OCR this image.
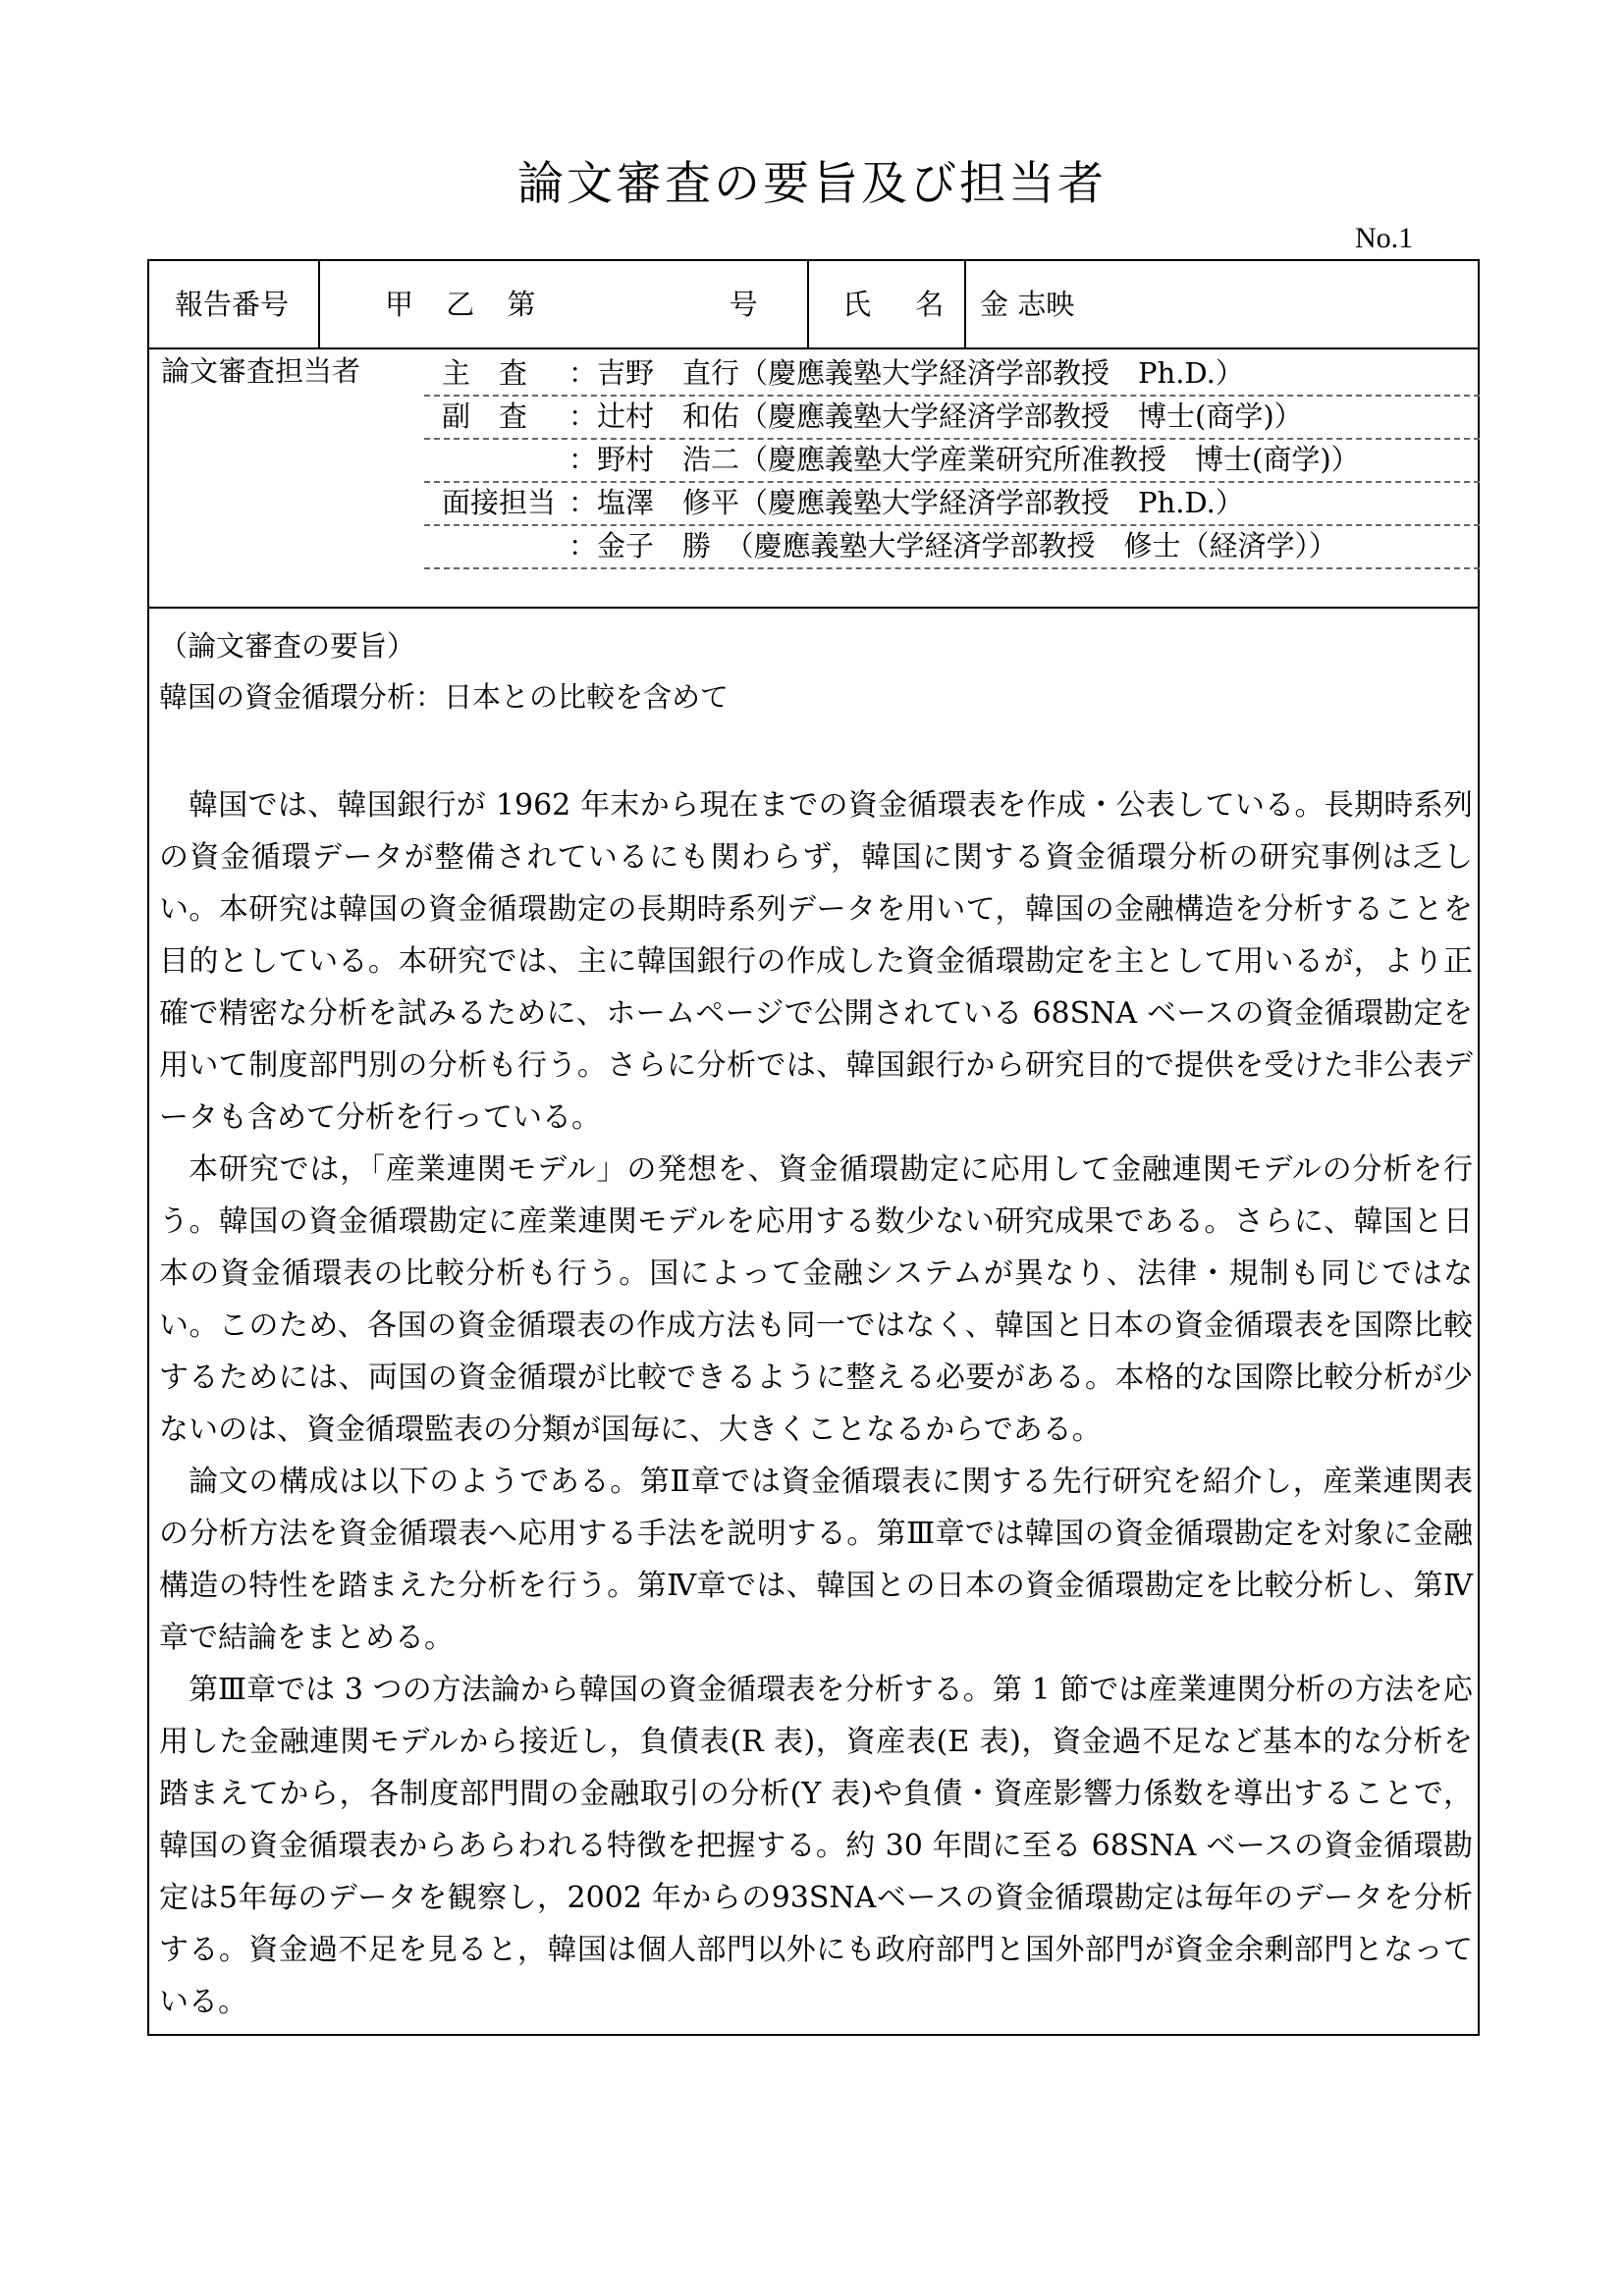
論文審査の要旨及び担当者
No.1
報告番号	甲 乙 第　　　　 号	氏 名 金 志映
論文審査担当者	主　査 ：吉野　直行（慶應義塾大学経済学部教授　Ph.D.）
副　査 ：辻村　和佑（慶應義塾大学経済学部教授　博士(商学)）
：野村　浩二（慶應義塾大学産業研究所准教授　博士(商学)）
面接担当 ：塩澤　修平（慶應義塾大学経済学部教授　Ph.D.）
：金子　勝　（慶應義塾大学経済学部教授　修士（経済学））
（論文審査の要旨）
韓国の資金循環分析：日本との比較を含めて

韓国では、韓国銀行が 1962 年末から現在までの資金循環表を作成・公表している。長期時系列の資金循環データが整備されているにも関わらず，韓国に関する資金循環分析の研究事例は乏しい。本研究は韓国の資金循環勘定の長期時系列データを用いて，韓国の金融構造を分析することを目的としている。本研究では、主に韓国銀行の作成した資金循環勘定を主として用いるが，より正確で精密な分析を試みるために、ホームページで公開されている 68SNA ベースの資金循環勘定を用いて制度部門別の分析も行う。さらに分析では、韓国銀行から研究目的で提供を受けた非公表データも含めて分析を行っている。

本研究では，「産業連関モデル」の発想を、資金循環勘定に応用して金融連関モデルの分析を行う。韓国の資金循環勘定に産業連関モデルを応用する数少ない研究成果である。さらに、韓国と日本の資金循環表の比較分析も行う。国によって金融システムが異なり、法律・規制も同じではない。このため、各国の資金循環表の作成方法も同一ではなく、韓国と日本の資金循環表を国際比較するためには、両国の資金循環が比較できるように整える必要がある。本格的な国際比較分析が少ないのは、資金循環監表の分類が国毎に、大きくことなるからである。

論文の構成は以下のようである。第Ⅱ章では資金循環表に関する先行研究を紹介し，産業連関表の分析方法を資金循環表へ応用する手法を説明する。第Ⅲ章では韓国の資金循環勘定を対象に金融構造の特性を踏まえた分析を行う。第Ⅳ章では、韓国との日本の資金循環勘定を比較分析し、第Ⅳ章で結論をまとめる。

第Ⅲ章では 3 つの方法論から韓国の資金循環表を分析する。第 1 節では産業連関分析の方法を応用した金融連関モデルから接近し，負債表(R 表)，資産表(E 表)，資金過不足など基本的な分析を踏まえてから，各制度部門間の金融取引の分析(Y 表)や負債・資産影響力係数を導出することで，韓国の資金循環表からあらわれる特徴を把握する。約 30 年間に至る 68SNA ベースの資金循環勘定は5年毎のデータを観察し，2002 年からの93SNAベースの資金循環勘定は毎年のデータを分析する。資金過不足を見ると，韓国は個人部門以外にも政府部門と国外部門が資金余剰部門となっている。
